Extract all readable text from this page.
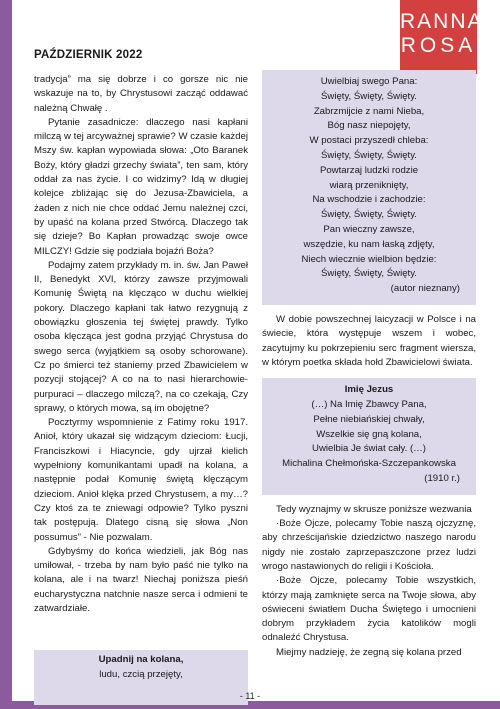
PAŹDZIERNIK 2022
RANNA
ROSA

tradycja” ma się dobrze i co gorsze nic nie wskazuje na to, by Chrystusowi zacząć oddawać należną Chwałę .

Pytanie zasadnicze: dlaczego nasi kapłani milczą w tej arcyważnej sprawie? W czasie każdej Mszy św. kapłan wypowiada słowa: „Oto Baranek Boży, który gładzi grzechy świata”, ten sam, który oddał za nas życie. I co widzimy? Idą w długiej kolejce zbliżając się do Jezusa-Zbawiciela, a żaden z nich nie chce oddać Jemu należnej czci, by upaść na kolana przed Stwórcą. Dlaczego tak się dzieje? Bo Kapłan prowadząc swoje owce MILCZY! Gdzie się podziała bojaźń Boża?

Podajmy zatem przykłady m. in. św. Jan Paweł II, Benedykt XVI, którzy zawsze przyjmowali Komunię Świętą na klęcząco w duchu wielkiej pokory. Dlaczego kapłani tak łatwo rezygnują z obowiązku głoszenia tej świętej prawdy. Tylko osoba klęcząca jest godna przyjąć Chrystusa do swego serca (wyjątkiem są osoby schorowane). Cz po śmierci też staniemy przed Zbawicielem w pozycji stojącej? A co na to nasi hierarchowie-purpuraci – dlaczego milczą?, na co czekają, Czy sprawy, o których mowa, są im obojętne?

Pocztyrmy wspomnienie z Fatimy roku 1917. Anioł, który ukazał się widzącym dzieciom: Łucji, Franciszkowi i Hiacyncie, gdy ujrzał kielich wypełniony komunikantami upadł na kolana, a następnie podał Komunię świętą klęczącym dzieciom. Anioł klęka przed Chrystusem, a my…? Czy ktoś za te zniewagi odpowie? Tylko pyszni tak postępują. Dlatego cisną się słowa „Non possumus” - Nie pozwalam.

Gdybyśmy do końca wiedzieli, jak Bóg nas umiłował, - trzeba by nam było paść nie tylko na kolana, ale i na twarz! Niechaj poniższa pieśń eucharystyczna natchnie nasze serca i odmieni te zatwardziałe.

Upadnij na kolana,
ludu, czcią przejęty,
Uwielbiaj swego Pana:
Święty, Święty, Święty.
Zabrzmijcie z nami Nieba,
Bóg nasz niepojęty,
W postaci przyszedł chleba:
Święty, Święty, Święty.
Powtarzaj ludzki rodzie
wiarą przeniknięty,
Na wschodzie i zachodzie:
Święty, Święty, Święty.
Pan wieczny zawsze,
wszędzie, ku nam łaską zdjęty,
Niech wiecznie wielbion będzie:
Święty, Święty, Święty.
(autor nieznany)

W dobie powszechnej laicyzacji w Polsce i na świecie, która występuje wszem i wobec, zacytujmy ku pokrzepieniu serc fragment wiersza, w którym poetka składa hołd Zbawicielowi świata.

Imię Jezus
(…) Na Imię Zbawcy Pana,
Pełne niebiańskiej chwały,
Wszelkie się gną kolana,
Uwielbia Je świat cały. (…)
Michalina Chełmońska-Szczepankowska
(1910 r.)

Tedy wyznajmy w skrusze poniższe wezwania

·Boże Ojcze, polecamy Tobie naszą ojczyznę, aby chrześcijańskie dziedzictwo naszego narodu nigdy nie zostało zaprzepaszczone przez ludzi wrogo nastawionych do religii i Kościoła.

·Boże Ojcze, polecamy Tobie wszystkich, którzy mają zamknięte serca na Twoje słowa, aby oświeceni światłem Ducha Świętego i umocnieni dobrym przykładem życia katolików mogli odnaleźć Chrystusa.

Miejmy nadzieję, że zegną się kolana przed

- 11 -
